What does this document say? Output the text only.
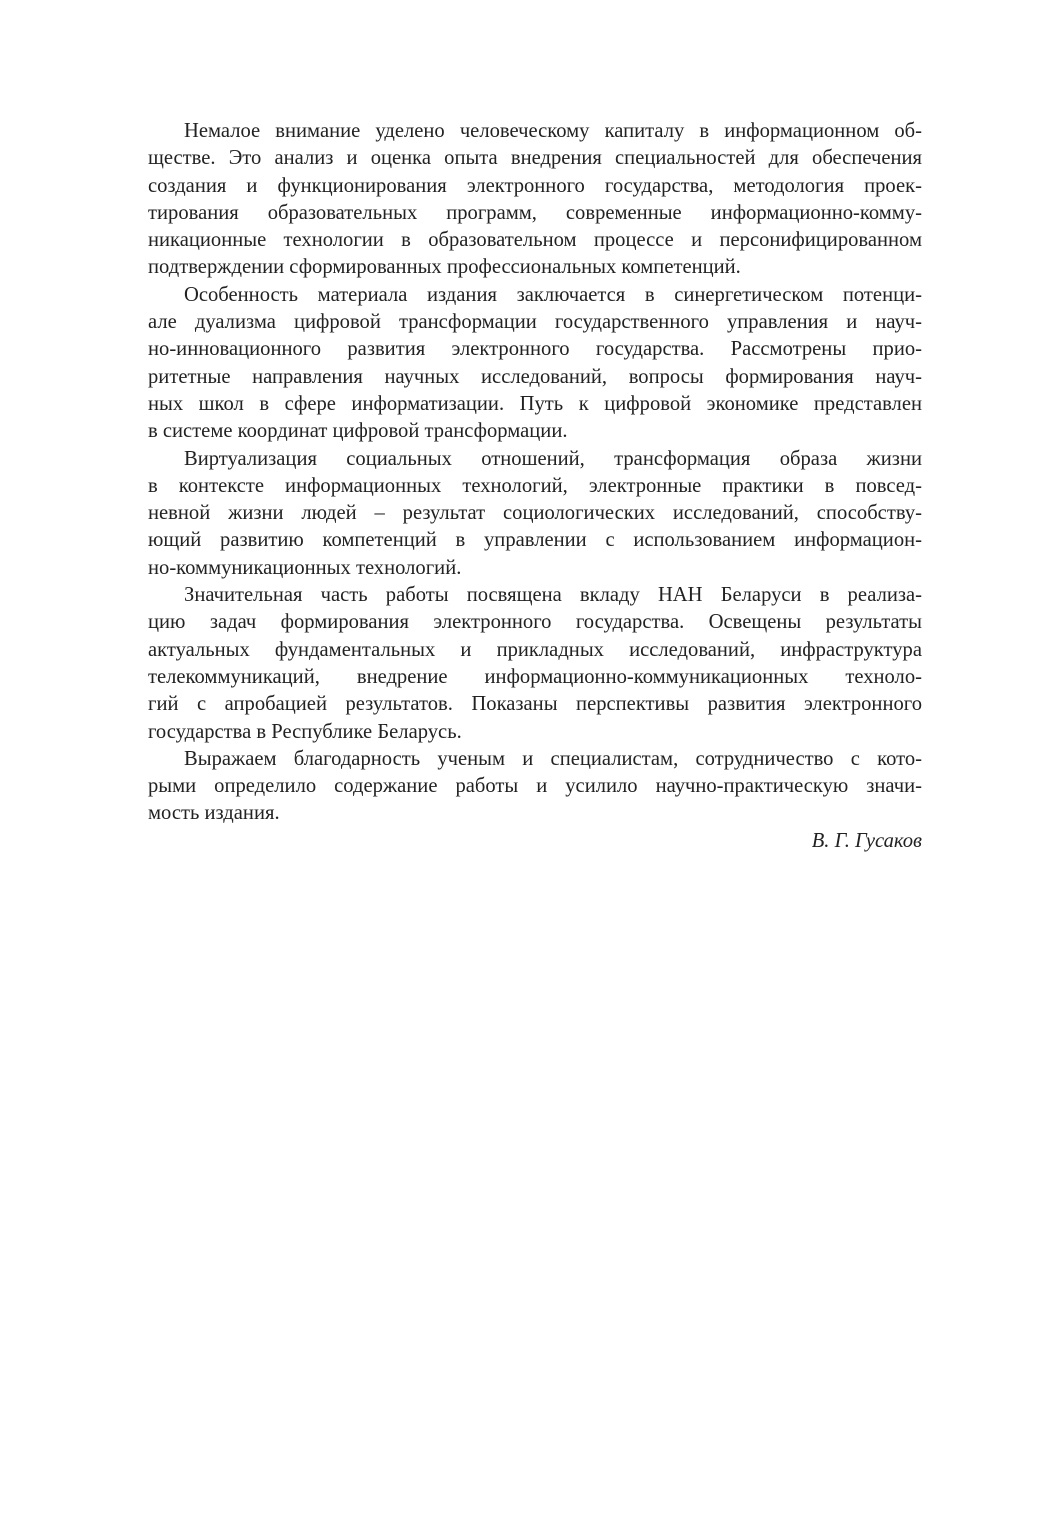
Немалое внимание уделено человеческому капиталу в информационном об-
ществе. Это анализ и оценка опыта внедрения специальностей для обеспечения
создания и функционирования электронного государства, методология проек-
тирования образовательных программ, современные информационно-комму-
никационные технологии в образовательном процессе и персонифицированном
подтверждении сформированных профессиональных компетенций.
Особенность материала издания заключается в синергетическом потенци-
але дуализма цифровой трансформации государственного управления и науч-
но-инновационного развития электронного государства. Рассмотрены прио-
ритетные направления научных исследований, вопросы формирования науч-
ных школ в сфере информатизации. Путь к цифровой экономике представлен
в системе координат цифровой трансформации.
Виртуализация социальных отношений, трансформация образа жизни
в контексте информационных технологий, электронные практики в повсед-
невной жизни людей – результат социологических исследований, способству-
ющий развитию компетенций в управлении с использованием информацион-
но-коммуникационных технологий.
Значительная часть работы посвящена вкладу НАН Беларуси в реализа-
цию задач формирования электронного государства. Освещены результаты
актуальных фундаментальных и прикладных исследований, инфраструктура
телекоммуникаций, внедрение информационно-коммуникационных техноло-
гий с апробацией результатов. Показаны перспективы развития электронного
государства в Республике Беларусь.
Выражаем благодарность ученым и специалистам, сотрудничество с кото-
рыми определило содержание работы и усилило научно-практическую значи-
мость издания.
В. Г. Гусаков
